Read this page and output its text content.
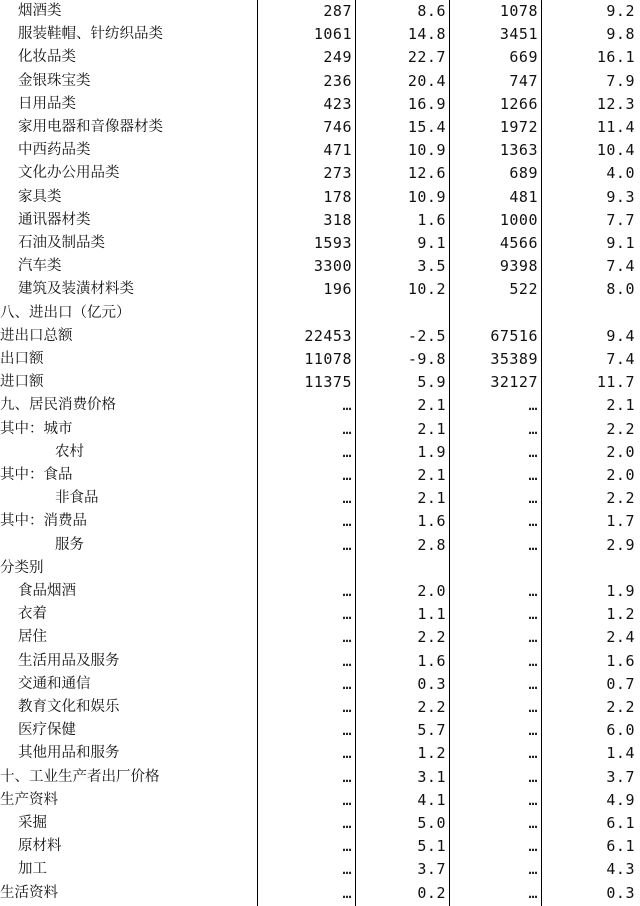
烟酒类	287	8.6	1078	9.2
服装鞋帽、针纺织品类	1061	14.8	3451	9.8
化妆品类	249	22.7	669	16.1
金银珠宝类	236	20.4	747	7.9
日用品类	423	16.9	1266	12.3
家用电器和音像器材类	746	15.4	1972	11.4
中西药品类	471	10.9	1363	10.4
文化办公用品类	273	12.6	689	4.0
家具类	178	10.9	481	9.3
通讯器材类	318	1.6	1000	7.7
石油及制品类	1593	9.1	4566	9.1
汽车类	3300	3.5	9398	7.4
建筑及装潢材料类	196	10.2	522	8.0
八、进出口（亿元）
进出口总额	22453	-2.5	67516	9.4
出口额	11078	-9.8	35389	7.4
进口额	11375	5.9	32127	11.7
九、居民消费价格	…	2.1	…	2.1
其中：城市	…	2.1	…	2.2
农村	…	1.9	…	2.0
其中：食品	…	2.1	…	2.0
非食品	…	2.1	…	2.2
其中：消费品	…	1.6	…	1.7
服务	…	2.8	…	2.9
分类别
食品烟酒	…	2.0	…	1.9
衣着	…	1.1	…	1.2
居住	…	2.2	…	2.4
生活用品及服务	…	1.6	…	1.6
交通和通信	…	0.3	…	0.7
教育文化和娱乐	…	2.2	…	2.2
医疗保健	…	5.7	…	6.0
其他用品和服务	…	1.2	…	1.4
十、工业生产者出厂价格	…	3.1	…	3.7
生产资料	…	4.1	…	4.9
采掘	…	5.0	…	6.1
原材料	…	5.1	…	6.1
加工	…	3.7	…	4.3
生活资料	…	0.2	…	0.3
